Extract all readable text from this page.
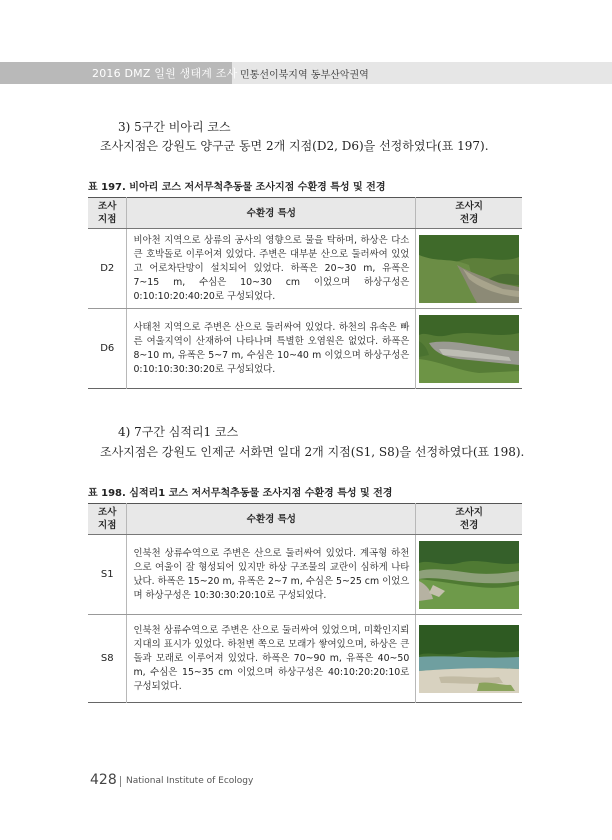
2016 DMZ 일원 생태계 조사 민통선이북지역 동부산악권역
3) 5구간 비아리 코스
조사지점은 강원도 양구군 동면 2개 지점(D2, D6)을 선정하였다(표 197).
표 197. 비아리 코스 저서무척추동물 조사지점 수환경 특성 및 전경
조사
지점	수환경 특성	조사지
전경
D2	비아천 지역으로 상류의 공사의 영향으로 물을 탁하며, 하상은 다소 큰 호박돌로 이루어져 있었다. 주변은 대부분 산으로 둘러싸여 있었고 어로차단망이 설치되어 있었다. 하폭은 20~30 m, 유폭은 7~15 m, 수심은 10~30 cm 이었으며 하상구성은 0:10:10:20:40:20로 구성되었다.	

D6	사태천 지역으로 주변은 산으로 둘러싸여 있었다. 하천의 유속은 빠른 여울지역이 산재하여 나타나며 특별한 오염원은 없었다. 하폭은 8~10 m, 유폭은 5~7 m, 수심은 10~40 m 이었으며 하상구성은 0:10:10:30:30:20로 구성되었다.	
4) 7구간 심적리1 코스
조사지점은 강원도 인제군 서화면 일대 2개 지점(S1, S8)을 선정하였다(표 198).
표 198. 심적리1 코스 저서무척추동물 조사지점 수환경 특성 및 전경
조사
지점	수환경 특성	조사지
전경
S1	인북천 상류수역으로 주변은 산으로 둘러싸여 있었다. 계곡형 하천으로 여울이 잘 형성되어 있지만 하상 구조물의 교란이 심하게 나타났다. 하폭은 15~20 m, 유폭은 2~7 m, 수심은 5~25 cm 이었으며 하상구성은 10:30:30:20:10로 구성되었다.	

S8	인북천 상류수역으로 주변은 산으로 둘러싸여 있었으며, 미확인지뢰지대의 표시가 있었다. 하천변 쪽으로 모래가 쌓여있으며, 하상은 큰돌과 모래로 이루어져 있었다. 하폭은 70~90 m, 유폭은 40~50 m, 수심은 15~35 cm 이었으며 하상구성은 40:10:20:20:10로 구성되었다.	
428 National Institute of Ecology
